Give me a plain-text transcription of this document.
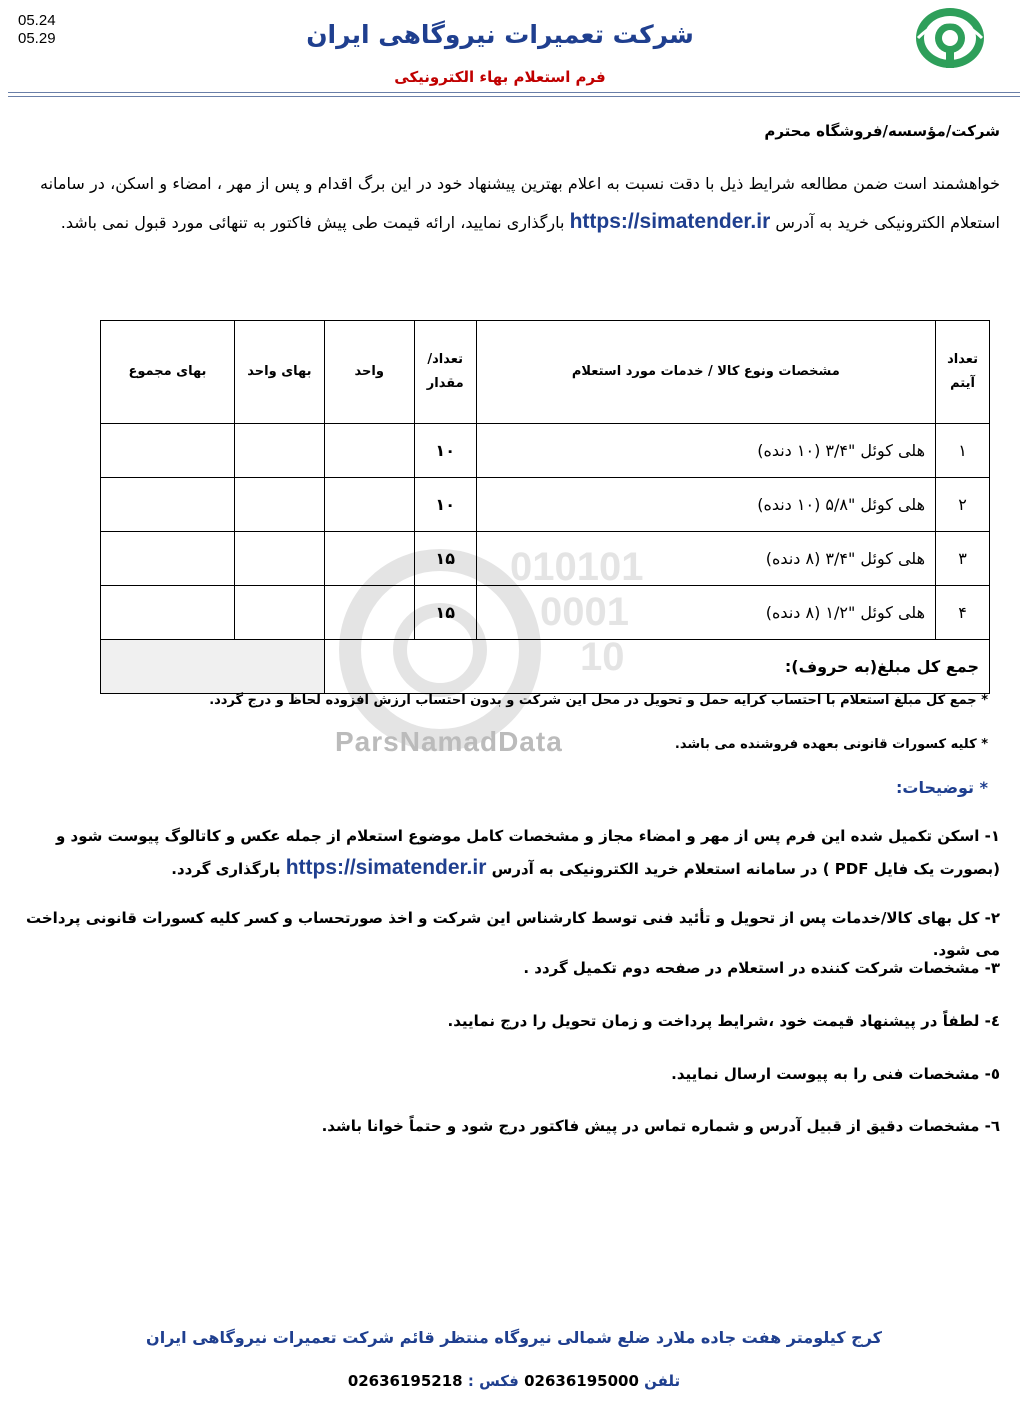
05.24
05.29	شرکت تعمیرات نیروگاهی ایران
فرم استعلام بهاء الکترونیکی
شرکت/مؤسسه/فروشگاه محترم
خواهشمند است ضمن مطالعه شرایط ذیل با دقت نسبت به اعلام بهترین پیشنهاد خود در این برگ اقدام و پس از مهر ، امضاء و اسکن، در سامانه استعلام الکترونیکی خرید به آدرس https://simatender.ir بارگذاری نمایید، ارائه قیمت طی پیش فاکتور به تنهائی مورد قبول نمی باشد.
010101
0001
10
ParsNamadData
تعداد آیتم	مشخصات ونوع کالا / خدمات مورد استعلام	تعداد/ مقدار	واحد	بهای واحد	بهای مجموع
۱	هلی کوئل "۳/۴ (۱۰ دنده)	۱۰			
۲	هلی کوئل "۵/۸ (۱۰ دنده)	۱۰			
۳	هلی کوئل "۳/۴ (۸ دنده)	۱۵			
۴	هلی کوئل "۱/۲ (۸ دنده)	۱۵			
جمع کل مبلغ(به حروف):					
* جمع کل مبلغ استعلام با احتساب کرایه حمل و تحویل در محل این شرکت و بدون احتساب ارزش افزوده لحاظ و درج گردد.
* کلیه کسورات قانونی بعهده فروشنده می باشد.
* توضیحات:
۱- اسکن تکمیل شده این فرم پس از مهر و امضاء مجاز و مشخصات کامل موضوع استعلام از جمله عکس و کاتالوگ پیوست شود و (بصورت یک فایل PDF ) در سامانه استعلام خرید الکترونیکی به آدرس https://simatender.ir بارگذاری گردد.
۲- کل بهای کالا/خدمات پس از تحویل و تأئید فنی توسط کارشناس این شرکت و اخذ صورتحساب و کسر کلیه کسورات قانونی پرداخت می شود.
۳- مشخصات شرکت کننده در استعلام در صفحه دوم تکمیل گردد .
٤- لطفاً در پیشنهاد قیمت خود ،شرایط پرداخت و زمان تحویل را درج نمایید.
٥- مشخصات فنی را به پیوست ارسال نمایید.
٦- مشخصات دقیق از قبیل آدرس و شماره تماس در پیش فاکتور درج شود و حتماً خوانا باشد.
کرج کیلومتر هفت جاده ملارد ضلع شمالی نیروگاه منتظر قائم شرکت تعمیرات نیروگاهی ایران
تلفن 02636195000 فکس : 02636195218
